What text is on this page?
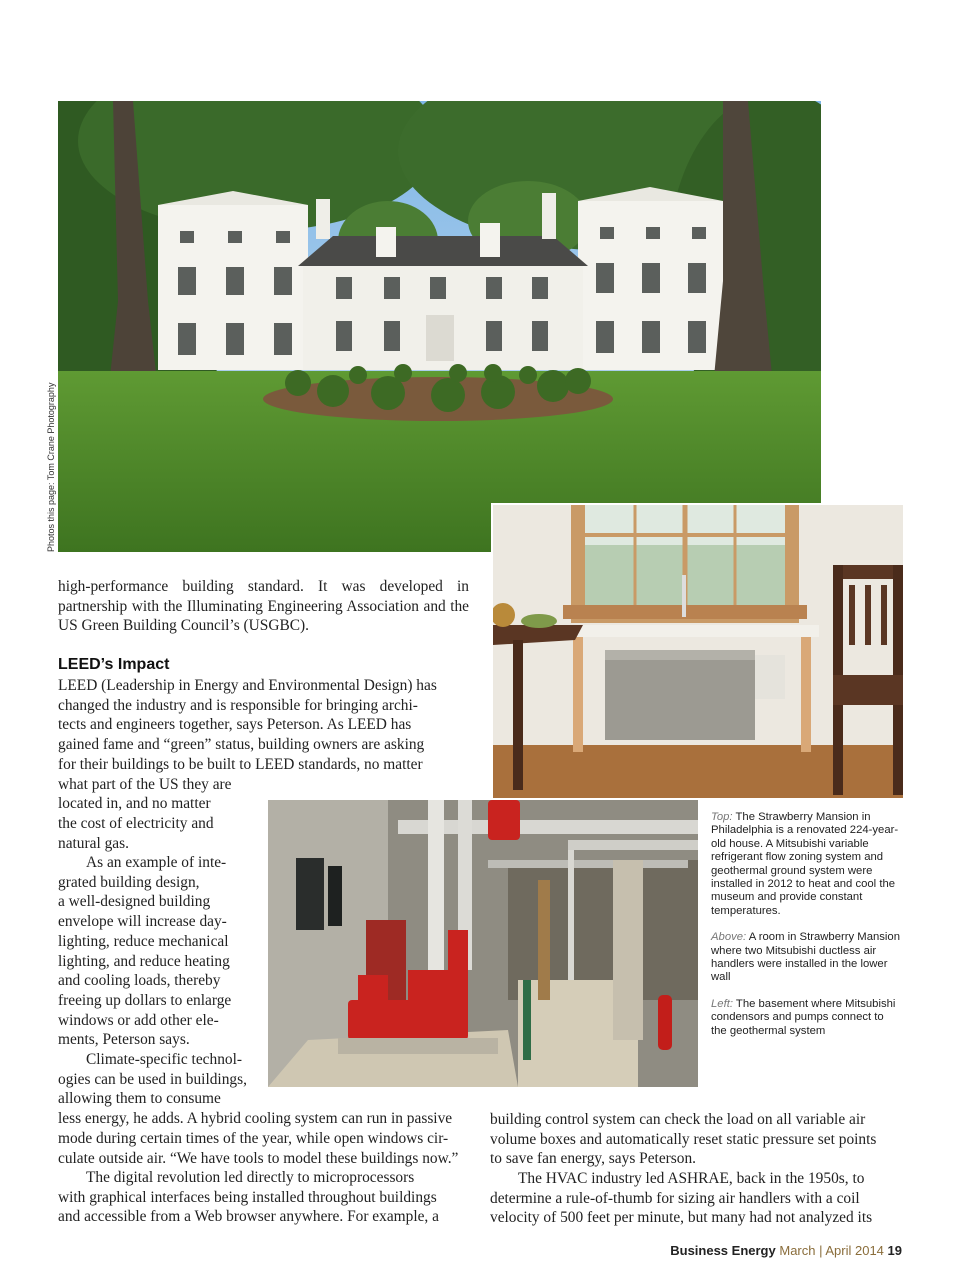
Photos this page: Tom Crane Photography

high-performance building standard. It was developed in partnership with the Illuminating Engineering Association and the US Green Building Council’s (USGBC).

LEED’s Impact
LEED (Leadership in Energy and Environmental Design) has
changed the industry and is responsible for bringing archi-
tects and engineers together, says Peterson. As LEED has
gained fame and “green” status, building owners are asking
for their buildings to be built to LEED standards, no matter
what part of the US they are
located in, and no matter
the cost of electricity and
natural gas.
As an example of inte-
grated building design,
a well-designed building
envelope will increase day-
lighting, reduce mechanical
lighting, and reduce heating
and cooling loads, thereby
freeing up dollars to enlarge
windows or add other ele-
ments, Peterson says.
Climate-specific technol-
ogies can be used in buildings,
allowing them to consume
less energy, he adds. A hybrid cooling system can run in passive
mode during certain times of the year, while open windows cir-
culate outside air. “We have tools to model these buildings now.”
The digital revolution led directly to microprocessors
with graphical interfaces being installed throughout buildings
and accessible from a Web browser anywhere. For example, a
building control system can check the load on all variable air
volume boxes and automatically reset static pressure set points
to save fan energy, says Peterson.
The HVAC industry led ASHRAE, back in the 1950s, to
determine a rule-of-thumb for sizing air handlers with a coil
velocity of 500 feet per minute, but many had not analyzed its

Top: The Strawberry Mansion in Philadelphia is a renovated 224-year-old house. A Mitsubishi variable refrigerant flow zoning system and geothermal ground system were installed in 2012 to heat and cool the museum and provide constant temperatures.

Above: A room in Strawberry Mansion where two Mitsubishi ductless air handlers were installed in the lower wall

Left: The basement where Mitsubishi condensors and pumps connect to the geothermal system

Business Energy March | April 2014 19
